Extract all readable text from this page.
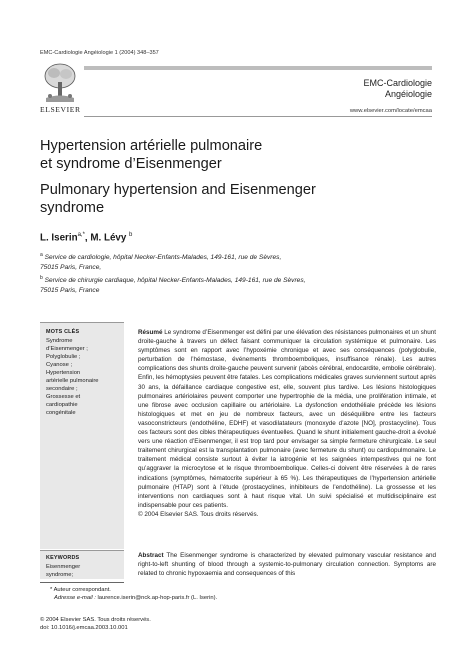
EMC-Cardiologie Angéiologie 1 (2004) 348–357
ELSEVIER
EMC-Cardiologie
Angéiologie
www.elsevier.com/locate/emcaa
Hypertension artérielle pulmonaire
et syndrome d’Eisenmenger
Pulmonary hypertension and Eisenmenger
syndrome
L. Iserin$^{a,*}$, M. Lévy $^b$
$^a$ Service de cardiologie, hôpital Necker-Enfants-Malades, 149-161, rue de Sèvres,
75015 Paris, France,
$^b$ Service de chirurgie cardiaque, hôpital Necker-Enfants-Malades, 149-161, rue de Sèvres,
75015 Paris, France
MOTS CLÉS
Syndrome
d’Eisenmenger ;
Polyglobulie ;
Cyanose ;
Hypertension
artérielle pulmonaire
secondaire ;
Grossesse et
cardiopathie
congénitale
KEYWORDS
Eisenmenger
syndrome;
Résumé Le syndrome d’Eisenmenger est défini par une élévation des résistances pulmonaires et un shunt droite-gauche à travers un défect faisant communiquer la circulation systémique et pulmonaire. Les symptômes sont en rapport avec l’hypoxémie chronique et avec ses conséquences (polyglobulie, perturbation de l’hémostase, événements thromboemboliques, insuffisance rénale). Les autres complications des shunts droite-gauche peuvent survenir (abcès cérébral, endocardite, embolie cérébrale). Enfin, les hémoptysies peuvent être fatales. Les complications médicales graves surviennent surtout après 30 ans, la défaillance cardiaque congestive est, elle, souvent plus tardive. Les lésions histologiques pulmonaires artériolaires peuvent comporter une hypertrophie de la média, une prolifération intimale, et une fibrose avec occlusion capillaire ou artériolaire. La dysfonction endothéliale précède les lésions histologiques et met en jeu de nombreux facteurs, avec un déséquilibre entre les facteurs vasoconstricteurs (endothéline, EDHF) et vasodilatateurs (monoxyde d’azote [NO], prostacycline). Tous ces facteurs sont des cibles thérapeutiques éventuelles. Quand le shunt initialement gauche-droit a évolué vers une réaction d’Eisenmenger, il est trop tard pour envisager sa simple fermeture chirurgicale. Le seul traitement chirurgical est la transplantation pulmonaire (avec fermeture du shunt) ou cardiopulmonaire. Le traitement médical consiste surtout à éviter la iatrogénie et les saignées intempestives qui ne font qu’aggraver la microcytose et le risque thromboembolique. Celles-ci doivent être réservées à de rares indications (symptômes, hématocrite supérieur à 65 %). Les thérapeutiques de l’hypertension artérielle pulmonaire (HTAP) sont à l’étude (prostacyclines, inhibiteurs de l’endothéline). La grossesse et les interventions non cardiaques sont à haut risque vital. Un suivi spécialisé et multidisciplinaire est indispensable pour ces patients.
© 2004 Elsevier SAS. Tous droits réservés.
Abstract The Eisenmenger syndrome is characterized by elevated pulmonary vascular resistance and right-to-left shunting of blood through a systemic-to-pulmonary circulation connection. Symptoms are related to chronic hypoxaemia and consequences of this
* Auteur correspondant.
Adresse e-mail : laurence.iserin@nck.ap-hop-paris.fr (L. Iserin).
© 2004 Elsevier SAS. Tous droits réservés.
doi: 10.1016/j.emcaa.2003.10.001
